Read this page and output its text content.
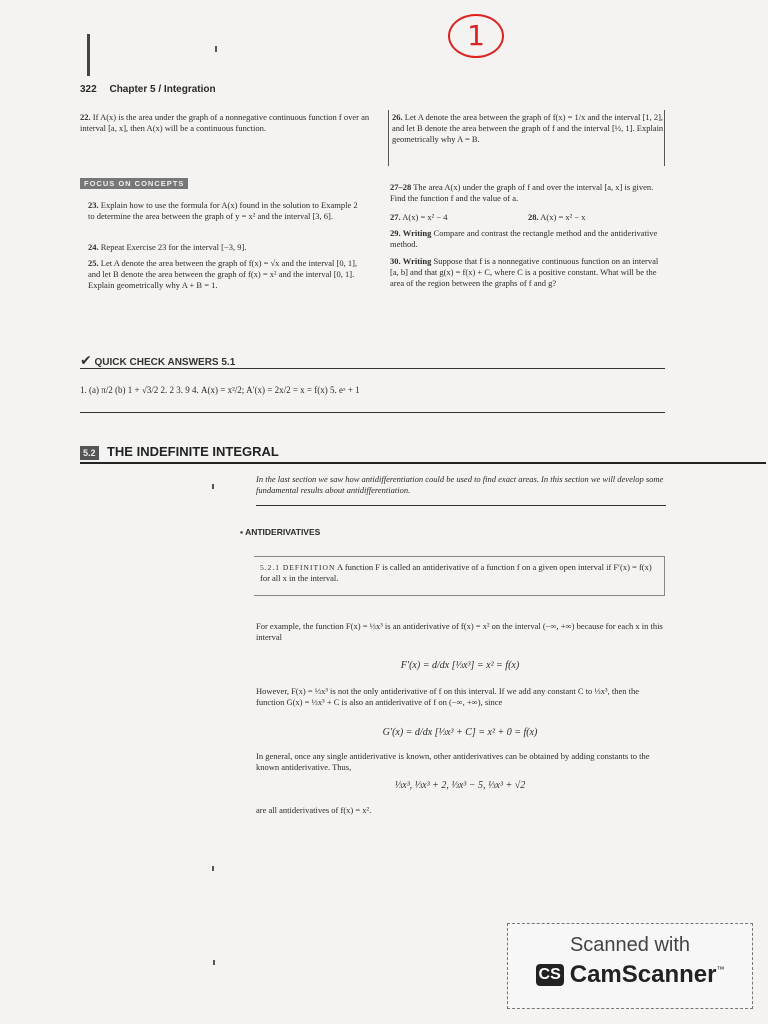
1
322 Chapter 5 / Integration
22. If A(x) is the area under the graph of a nonnegative continuous function f over an interval [a, x], then A(x) will be a continuous function.
FOCUS ON CONCEPTS
23. Explain how to use the formula for A(x) found in the solution to Example 2 to determine the area between the graph of y = x² and the interval [3, 6].
24. Repeat Exercise 23 for the interval [−3, 9].
25. Let A denote the area between the graph of f(x) = √x and the interval [0, 1], and let B denote the area between the graph of f(x) = x² and the interval [0, 1]. Explain geometrically why A + B = 1.
26. Let A denote the area between the graph of f(x) = 1/x and the interval [1, 2], and let B denote the area between the graph of f and the interval [½, 1]. Explain geometrically why A = B.
27–28 The area A(x) under the graph of f and over the interval [a, x] is given. Find the function f and the value of a.
27. A(x) = x² − 4	28. A(x) = x² − x
29. Writing Compare and contrast the rectangle method and the antiderivative method.
30. Writing Suppose that f is a nonnegative continuous function on an interval [a, b] and that g(x) = f(x) + C, where C is a positive constant. What will be the area of the region between the graphs of f and g?
✔ QUICK CHECK ANSWERS 5.1
1. (a) π/2 (b) 1 + √3/2 2. 2 3. 9 4. A(x) = x²/2; A′(x) = 2x/2 = x = f(x) 5. eˣ + 1
5.2 THE INDEFINITE INTEGRAL
In the last section we saw how antidifferentiation could be used to find exact areas. In this section we will develop some fundamental results about antidifferentiation.
▪ ANTIDERIVATIVES
5.2.1 DEFINITION A function F is called an antiderivative of a function f on a given open interval if F′(x) = f(x) for all x in the interval.
For example, the function F(x) = ⅓x³ is an antiderivative of f(x) = x² on the interval (−∞, +∞) because for each x in this interval
F′(x) = d/dx [⅓x³] = x² = f(x)
However, F(x) = ⅓x³ is not the only antiderivative of f on this interval. If we add any constant C to ⅓x³, then the function G(x) = ⅓x³ + C is also an antiderivative of f on (−∞, +∞), since
G′(x) = d/dx [⅓x³ + C] = x² + 0 = f(x)
In general, once any single antiderivative is known, other antiderivatives can be obtained by adding constants to the known antiderivative. Thus,
⅓x³, ⅓x³ + 2, ⅓x³ − 5, ⅓x³ + √2
are all antiderivatives of f(x) = x².
Scanned with
CS CamScanner ™
